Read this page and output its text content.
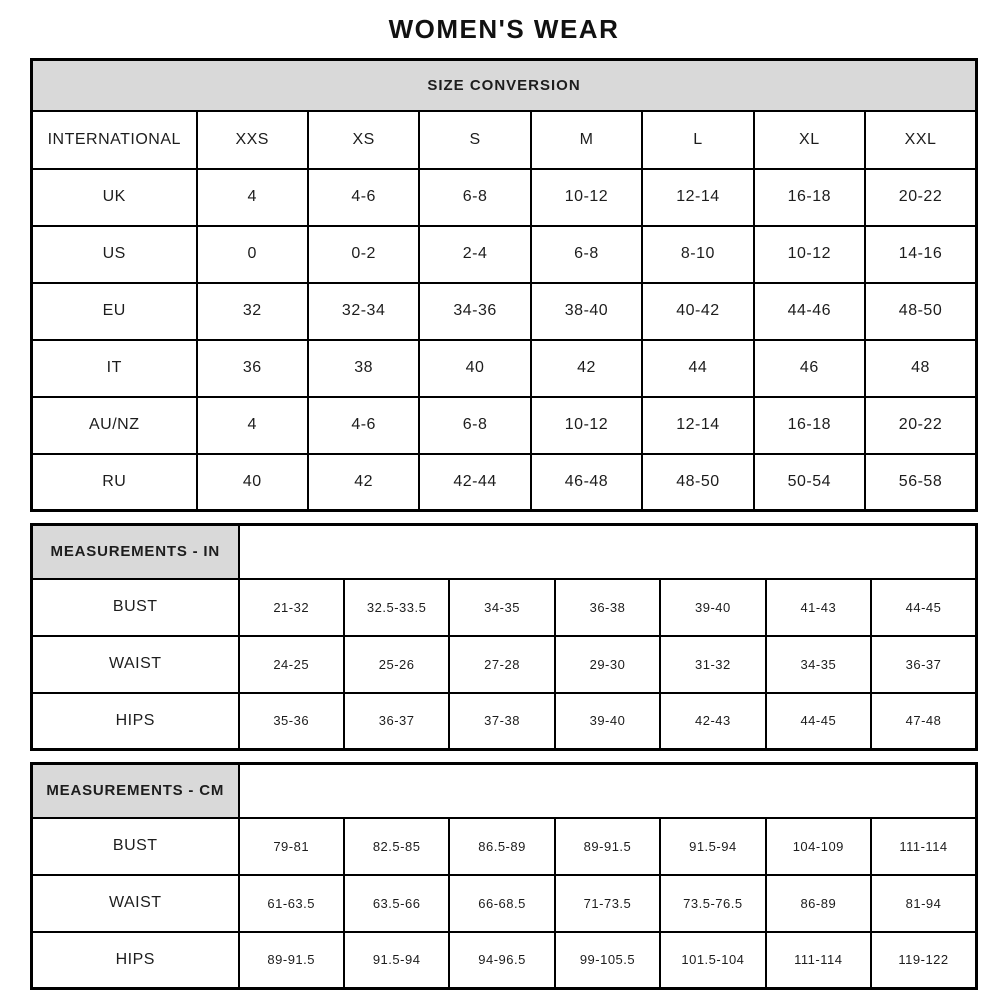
WOMEN'S WEAR
SIZE CONVERSION							
INTERNATIONAL	XXS	XS	S	M	L	XL	XXL
UK	4	4-6	6-8	10-12	12-14	16-18	20-22
US	0	0-2	2-4	6-8	8-10	10-12	14-16
EU	32	32-34	34-36	38-40	40-42	44-46	48-50
IT	36	38	40	42	44	46	48
AU/NZ	4	4-6	6-8	10-12	12-14	16-18	20-22
RU	40	42	42-44	46-48	48-50	50-54	56-58
MEASUREMENTS - IN							
BUST	21-32	32.5-33.5	34-35	36-38	39-40	41-43	44-45
WAIST	24-25	25-26	27-28	29-30	31-32	34-35	36-37
HIPS	35-36	36-37	37-38	39-40	42-43	44-45	47-48
MEASUREMENTS - CM							
BUST	79-81	82.5-85	86.5-89	89-91.5	91.5-94	104-109	111-114
WAIST	61-63.5	63.5-66	66-68.5	71-73.5	73.5-76.5	86-89	81-94
HIPS	89-91.5	91.5-94	94-96.5	99-105.5	101.5-104	111-114	119-122
